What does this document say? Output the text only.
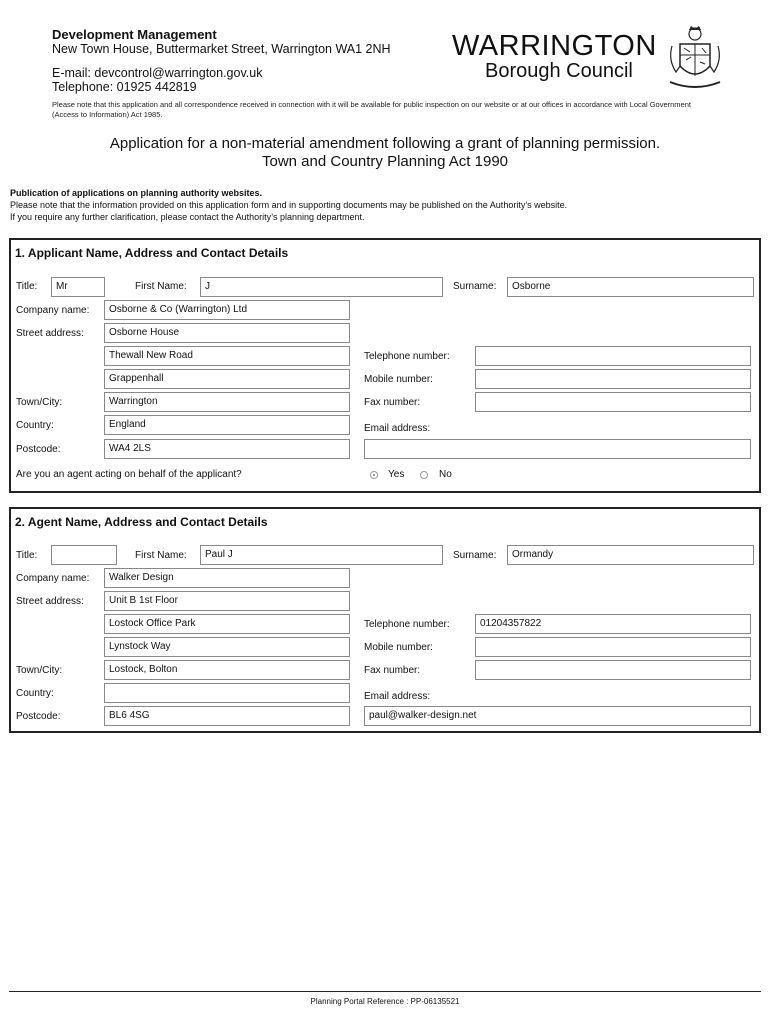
Development Management
New Town House, Buttermarket Street, Warrington WA1 2NH
E-mail: devcontrol@warrington.gov.uk
Telephone: 01925 442819
Please note that this application and all correspondence received in connection with it will be available for public inspection on our website or at our offices in accordance with Local Government (Access to Information) Act 1985.
WARRINGTON
Borough Council
Application for a non-material amendment following a grant of planning permission.
Town and Country Planning Act 1990
Publication of applications on planning authority websites.
Please note that the information provided on this application form and in supporting documents may be published on the Authority’s website.
If you require any further clarification, please contact the Authority’s planning department.
1. Applicant Name, Address and Contact Details
Title:	Mr	First Name:	J	Surname:	Osborne
Company name:	Osborne & Co (Warrington) Ltd
Street address:	Osborne House
Thewall New Road
Grappenhall
Town/City:	Warrington
Country:	England
Postcode:	WA4 2LS
Telephone number:
Mobile number:
Fax number:
Email address:
Are you an agent acting on behalf of the applicant?	Yes	No
2. Agent Name, Address and Contact Details
Title:	First Name:	Paul J	Surname:	Ormandy
Company name:	Walker Design
Street address:	Unit B 1st Floor
Lostock Office Park
Lynstock Way
Town/City:	Lostock, Bolton
Country:
Postcode:	BL6 4SG
Telephone number:	01204357822
Mobile number:
Fax number:
Email address:
paul@walker-design.net
Planning Portal Reference : PP-06135521
